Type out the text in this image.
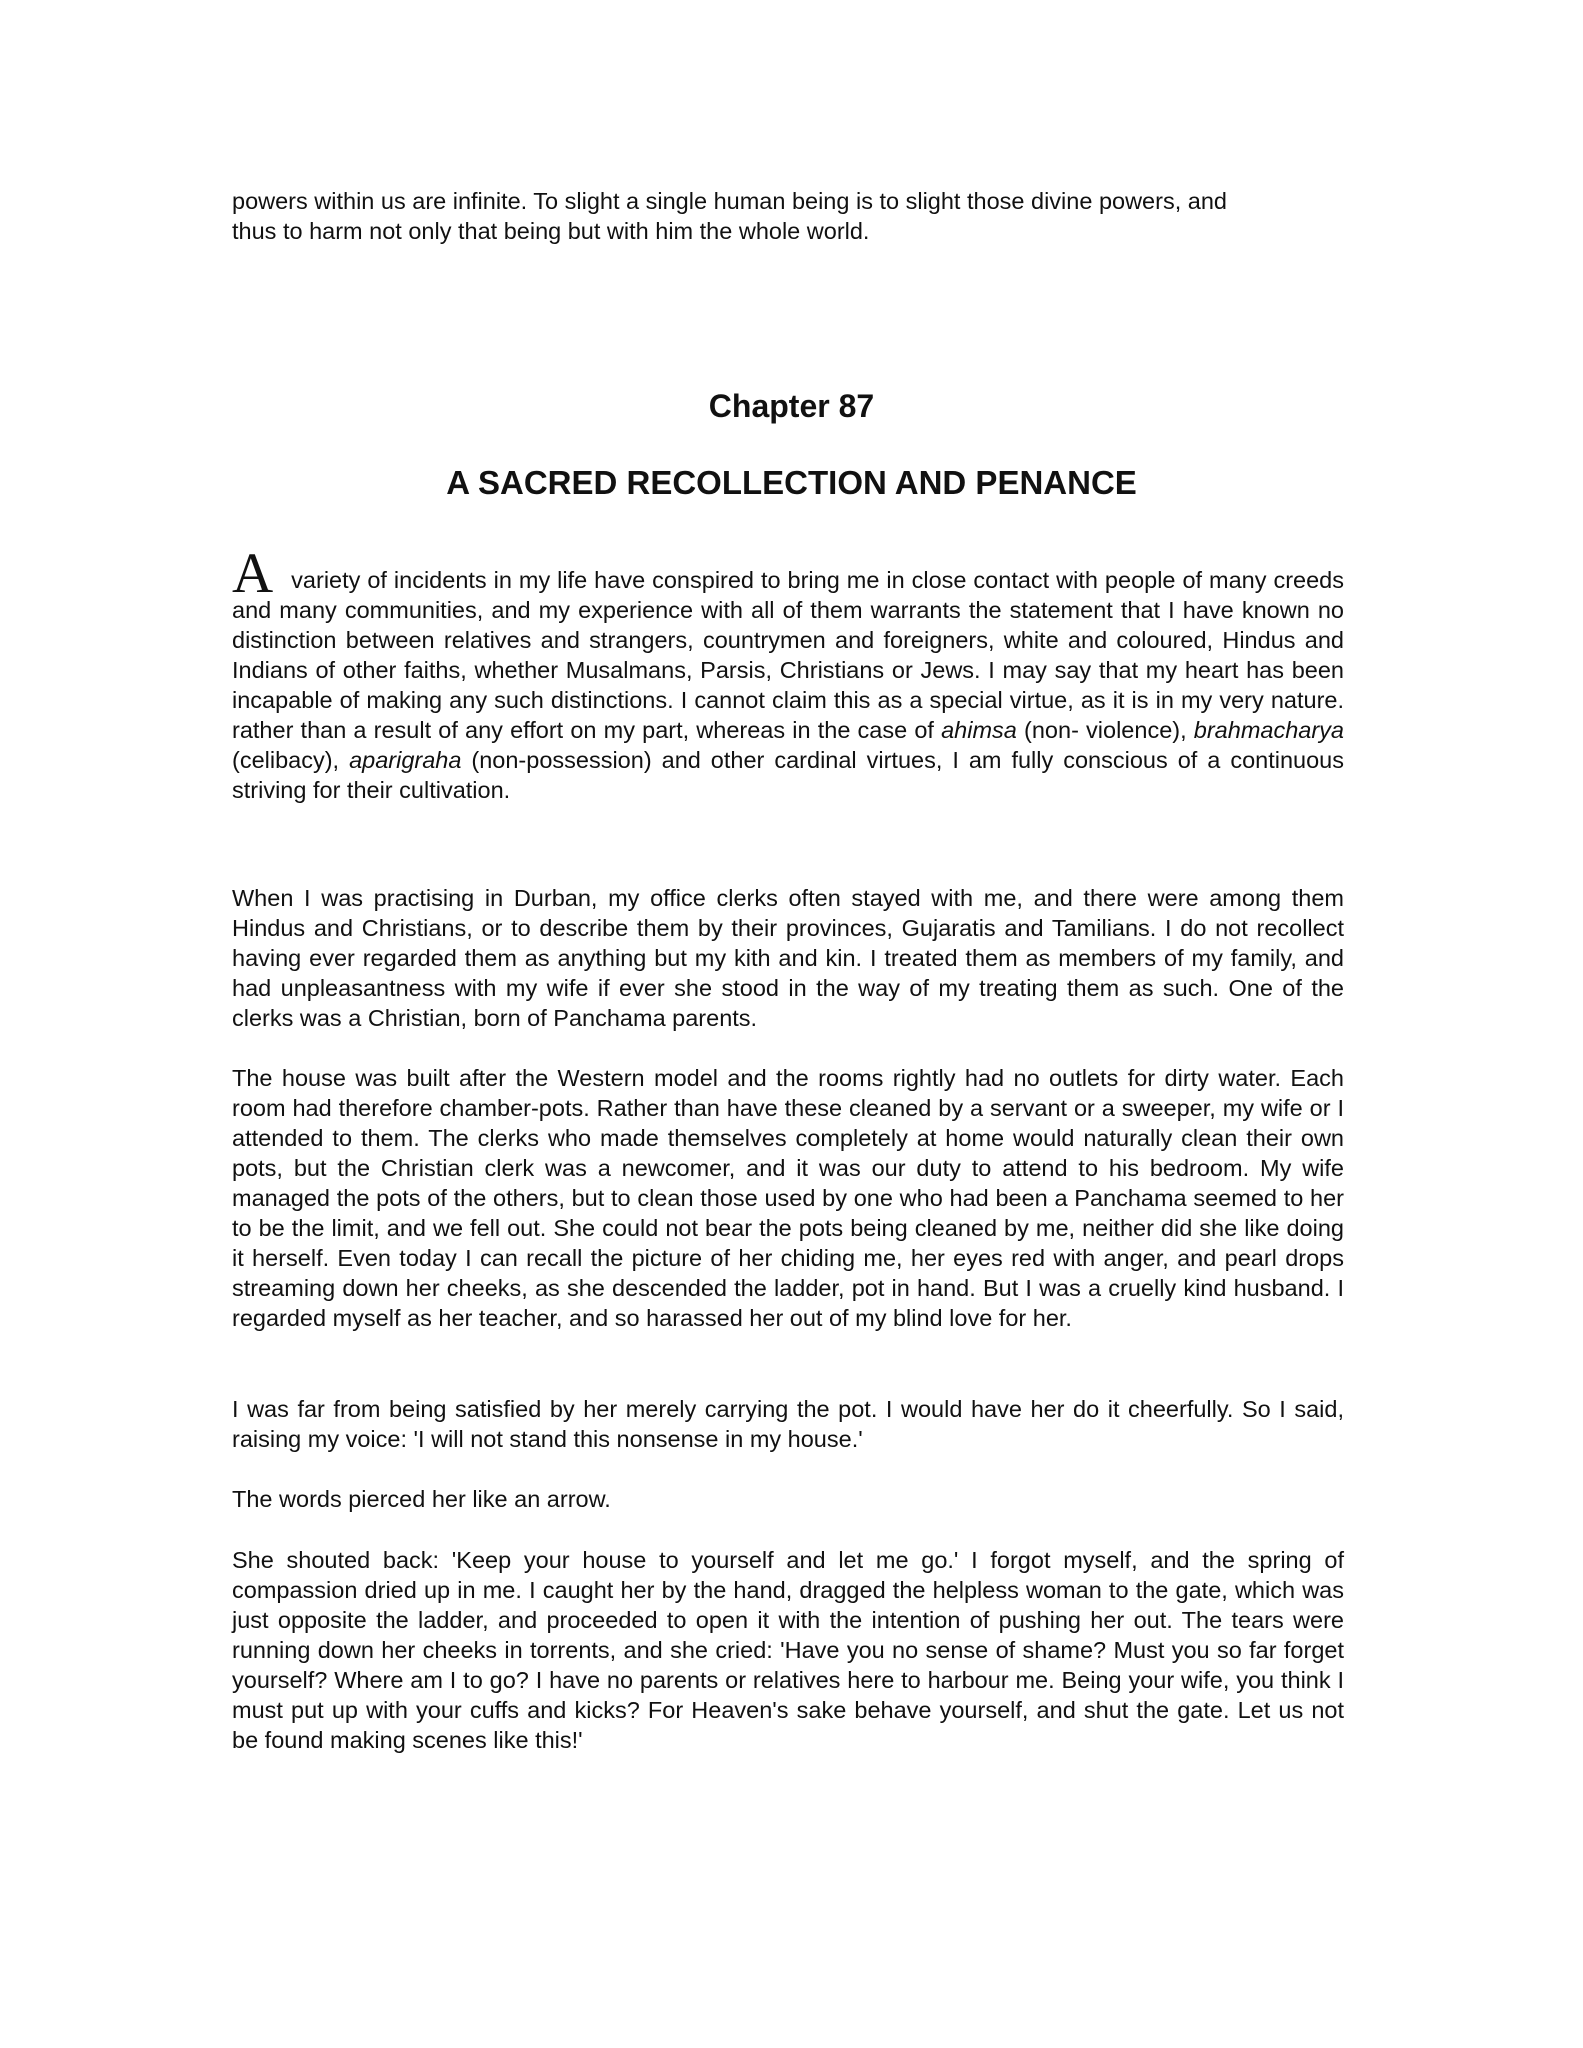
powers within us are infinite. To slight a single human being is to slight those divine powers, and
thus to harm not only that being but with him the whole world.
Chapter 87
A SACRED RECOLLECTION AND PENANCE
Avariety of incidents in my life have conspired to bring me in close contact with people of many creeds and many communities, and my experience with all of them warrants the statement that I have known no distinction between relatives and strangers, countrymen and foreigners, white and coloured, Hindus and Indians of other faiths, whether Musalmans, Parsis, Christians or Jews. I may say that my heart has been incapable of making any such distinctions. I cannot claim this as a special virtue, as it is in my very nature. rather than a result of any effort on my part, whereas in the case of ahimsa (non- violence), brahmacharya (celibacy), aparigraha (non-possession) and other cardinal virtues, I am fully conscious of a continuous striving for their cultivation.
When I was practising in Durban, my office clerks often stayed with me, and there were among them Hindus and Christians, or to describe them by their provinces, Gujaratis and Tamilians. I do not recollect having ever regarded them as anything but my kith and kin. I treated them as members of my family, and had unpleasantness with my wife if ever she stood in the way of my treating them as such. One of the clerks was a Christian, born of Panchama parents.
The house was built after the Western model and the rooms rightly had no outlets for dirty water. Each room had therefore chamber-pots. Rather than have these cleaned by a servant or a sweeper, my wife or I attended to them. The clerks who made themselves completely at home would naturally clean their own pots, but the Christian clerk was a newcomer, and it was our duty to attend to his bedroom. My wife managed the pots of the others, but to clean those used by one who had been a Panchama seemed to her to be the limit, and we fell out. She could not bear the pots being cleaned by me, neither did she like doing it herself. Even today I can recall the picture of her chiding me, her eyes red with anger, and pearl drops streaming down her cheeks, as she descended the ladder, pot in hand. But I was a cruelly kind husband. I regarded myself as her teacher, and so harassed her out of my blind love for her.
I was far from being satisfied by her merely carrying the pot. I would have her do it cheerfully. So I said, raising my voice: 'I will not stand this nonsense in my house.'
The words pierced her like an arrow.
She shouted back: 'Keep your house to yourself and let me go.' I forgot myself, and the spring of compassion dried up in me. I caught her by the hand, dragged the helpless woman to the gate, which was just opposite the ladder, and proceeded to open it with the intention of pushing her out. The tears were running down her cheeks in torrents, and she cried: 'Have you no sense of shame? Must you so far forget yourself? Where am I to go? I have no parents or relatives here to harbour me. Being your wife, you think I must put up with your cuffs and kicks? For Heaven's sake behave yourself, and shut the gate. Let us not be found making scenes like this!'
